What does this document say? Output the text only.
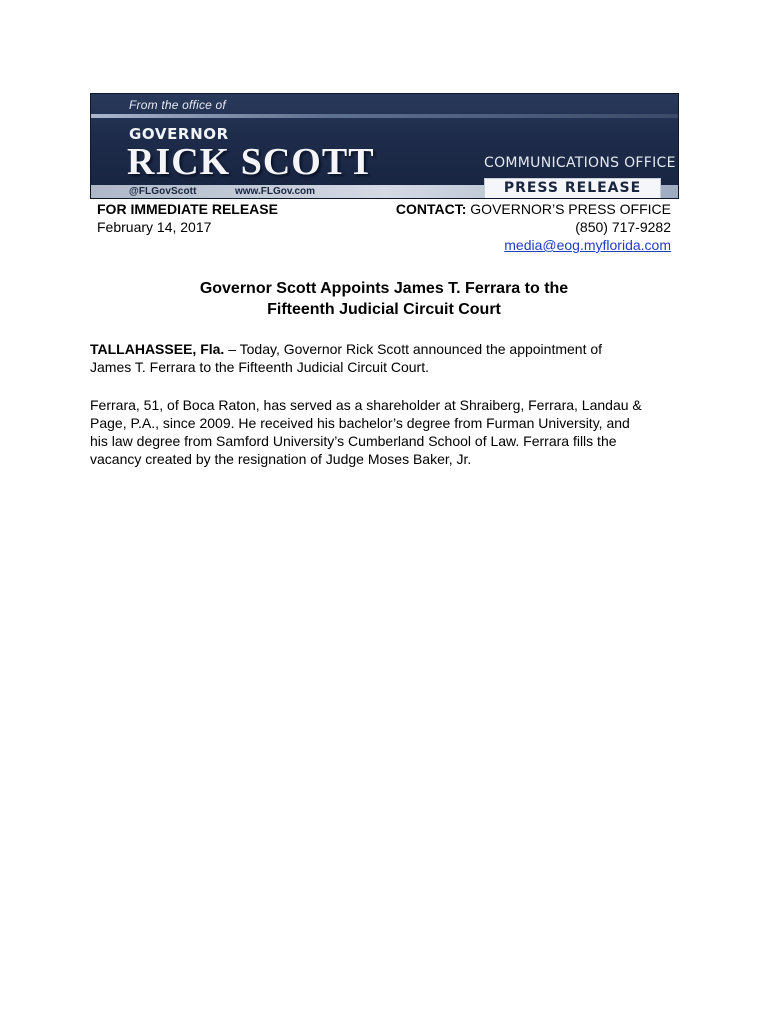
From the office of
GOVERNOR
RICK SCOTT	COMMUNICATIONS OFFICE
@FLGovScott	www.FLGov.com	PRESS RELEASE
FOR IMMEDIATE RELEASE
February 14, 2017
CONTACT: GOVERNOR’S PRESS OFFICE
(850) 717-9282
media@eog.myflorida.com
Governor Scott Appoints James T. Ferrara to the
Fifteenth Judicial Circuit Court
TALLAHASSEE, Fla. – Today, Governor Rick Scott announced the appointment of
James T. Ferrara to the Fifteenth Judicial Circuit Court.
Ferrara, 51, of Boca Raton, has served as a shareholder at Shraiberg, Ferrara, Landau &
Page, P.A., since 2009. He received his bachelor’s degree from Furman University, and
his law degree from Samford University’s Cumberland School of Law. Ferrara fills the
vacancy created by the resignation of Judge Moses Baker, Jr.
